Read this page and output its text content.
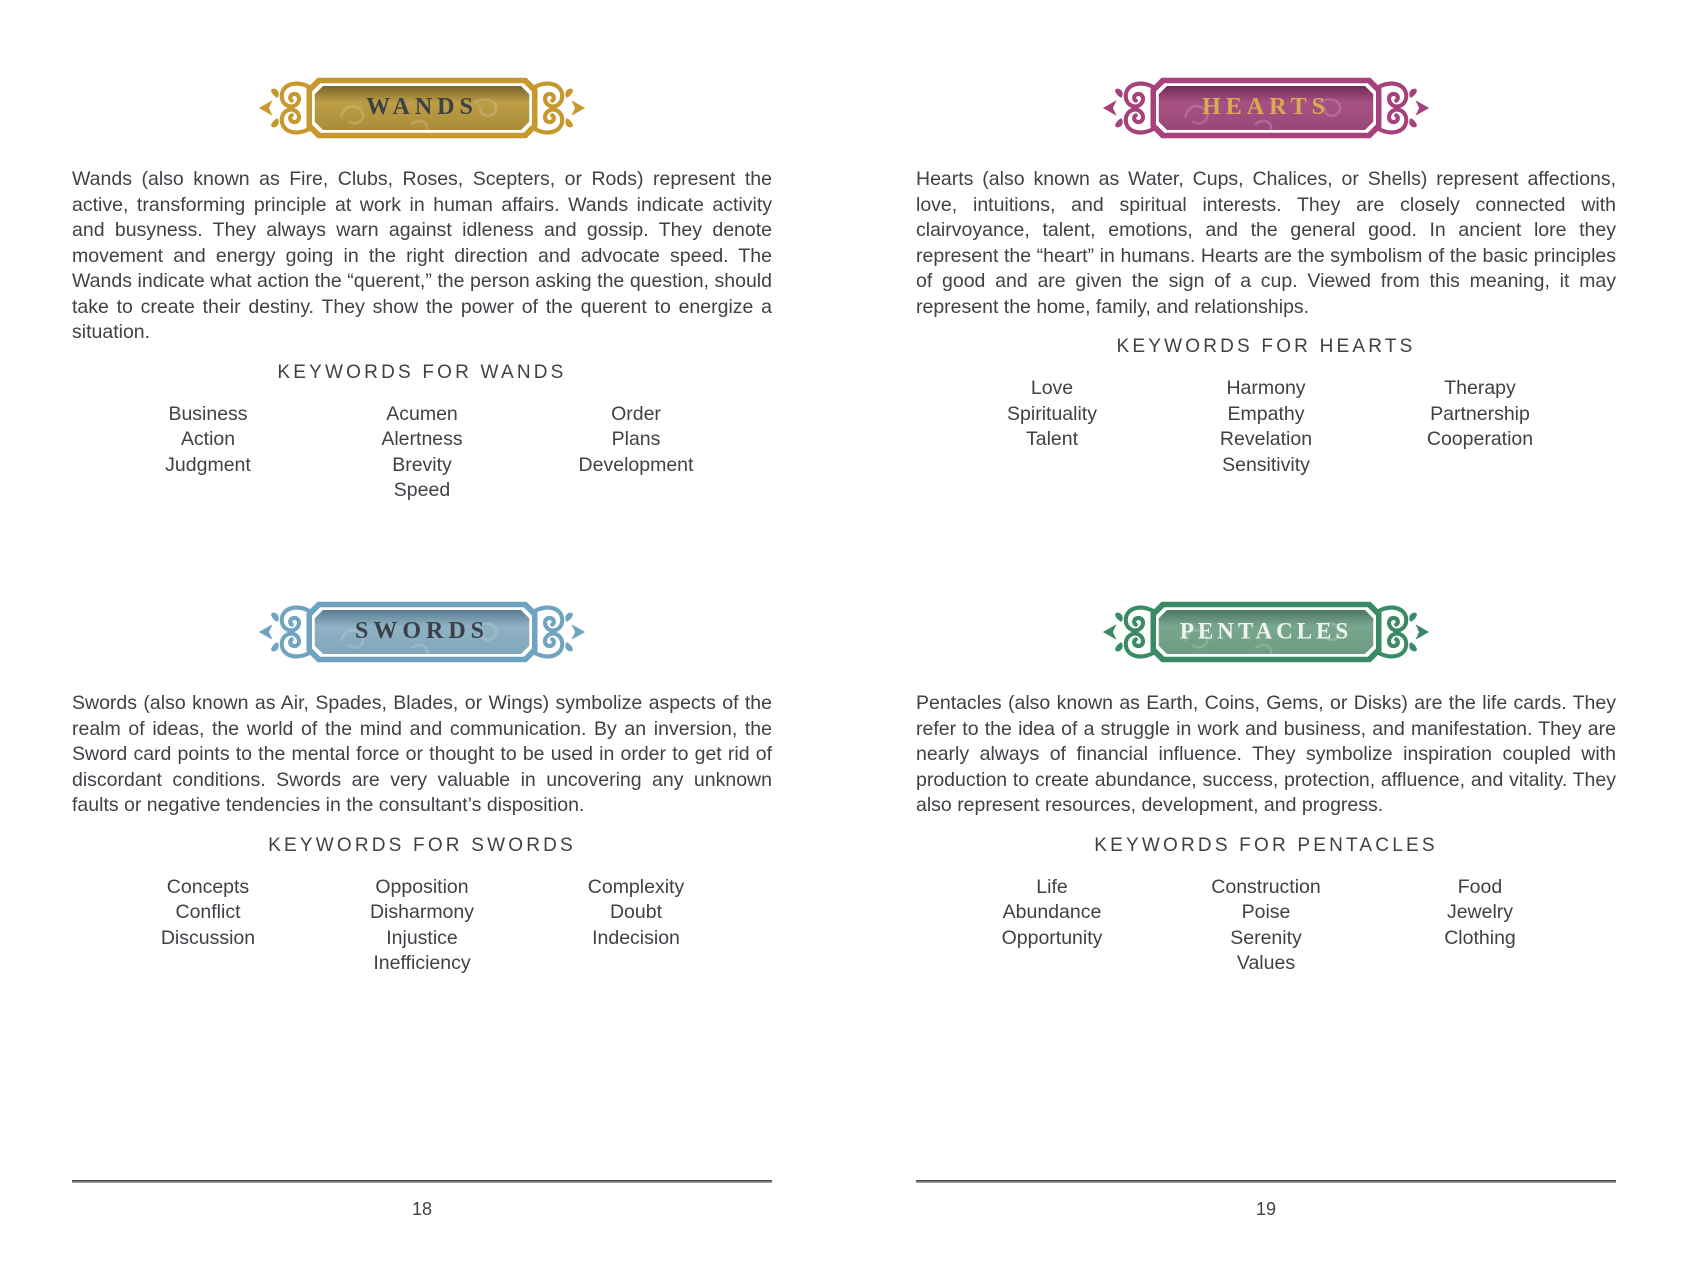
WANDS

Wands (also known as Fire, Clubs, Roses, Scepters, or Rods) represent the active, transforming principle at work in human affairs. Wands indicate activity and busyness. They always warn against idleness and gossip. They denote movement and energy going in the right direction and advocate speed. The Wands indicate what action the “querent,” the person asking the question, should take to create their destiny. They show the power of the querent to energize a situation.

KEYWORDS FOR WANDS
Business
Action
Judgment
Acumen
Alertness
Brevity
Speed
Order
Plans
Development
SWORDS

Swords (also known as Air, Spades, Blades, or Wings) symbolize aspects of the realm of ideas, the world of the mind and communication. By an inversion, the Sword card points to the mental force or thought to be used in order to get rid of discordant conditions. Swords are very valuable in uncovering any unknown faults or negative tendencies in the consultant’s disposition.

KEYWORDS FOR SWORDS
Concepts
Conflict
Discussion
Opposition
Disharmony
Injustice
Inefficiency
Complexity
Doubt
Indecision
18
HEARTS

Hearts (also known as Water, Cups, Chalices, or Shells) represent affections, love, intuitions, and spiritual interests. They are closely connected with clairvoyance, talent, emotions, and the general good. In ancient lore they represent the “heart” in humans. Hearts are the symbolism of the basic principles of good and are given the sign of a cup. Viewed from this meaning, it may represent the home, family, and relationships.

KEYWORDS FOR HEARTS
Love
Spirituality
Talent
Harmony
Empathy
Revelation
Sensitivity
Therapy
Partnership
Cooperation
PENTACLES

Pentacles (also known as Earth, Coins, Gems, or Disks) are the life cards. They refer to the idea of a struggle in work and business, and manifestation. They are nearly always of financial influence. They symbolize inspiration coupled with production to create abundance, success, protection, affluence, and vitality. They also represent resources, development, and progress.

KEYWORDS FOR PENTACLES
Life
Abundance
Opportunity
Construction
Poise
Serenity
Values
Food
Jewelry
Clothing
19
